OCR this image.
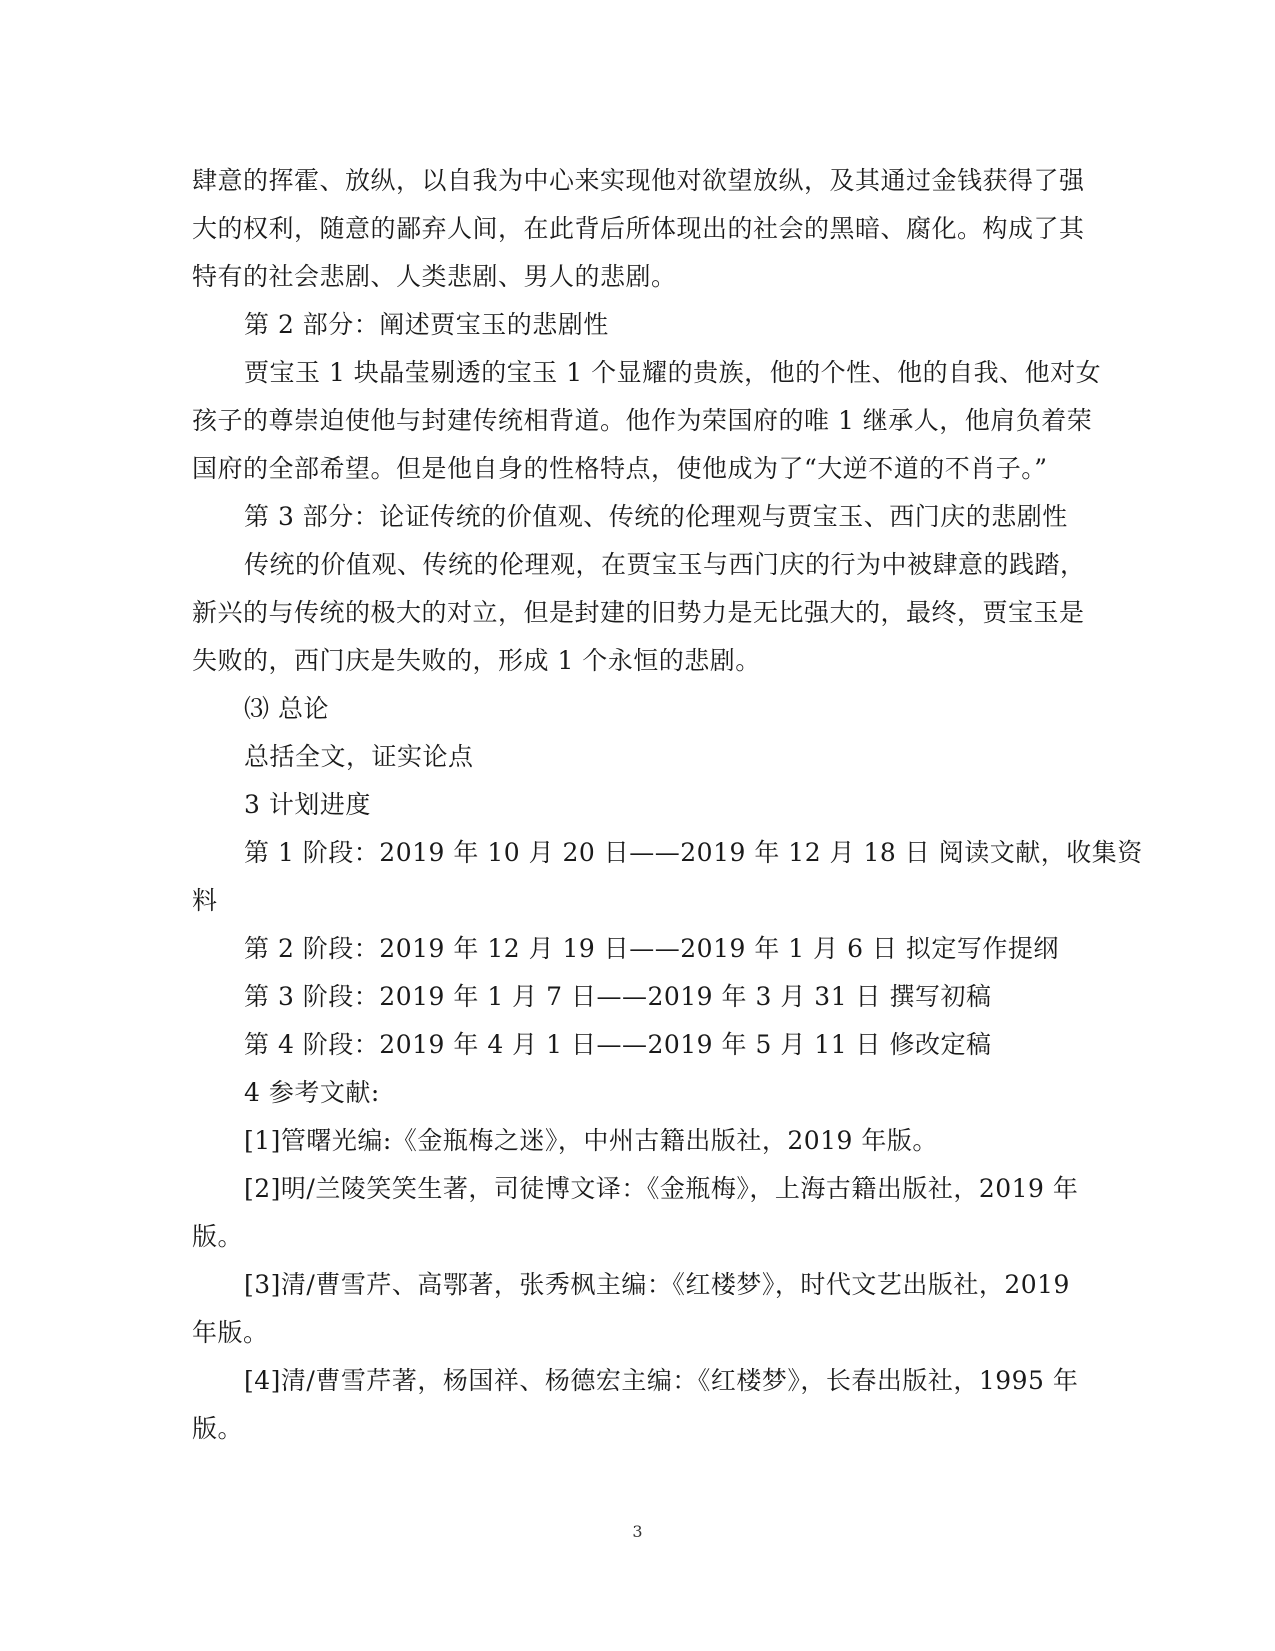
肆意的挥霍、放纵，以自我为中心来实现他对欲望放纵，及其通过金钱获得了强
大的权利，随意的鄙弃人间，在此背后所体现出的社会的黑暗、腐化。构成了其
特有的社会悲剧、人类悲剧、男人的悲剧。
第 2 部分：阐述贾宝玉的悲剧性
贾宝玉 1 块晶莹剔透的宝玉 1 个显耀的贵族，他的个性、他的自我、他对女
孩子的尊崇迫使他与封建传统相背道。他作为荣国府的唯 1 继承人，他肩负着荣
国府的全部希望。但是他自身的性格特点，使他成为了“大逆不道的不肖子。”
第 3 部分：论证传统的价值观、传统的伦理观与贾宝玉、西门庆的悲剧性
传统的价值观、传统的伦理观，在贾宝玉与西门庆的行为中被肆意的践踏，
新兴的与传统的极大的对立，但是封建的旧势力是无比强大的，最终，贾宝玉是
失败的，西门庆是失败的，形成 1 个永恒的悲剧。
⑶ 总论
总括全文，证实论点
3 计划进度
第 1 阶段：2019 年 10 月 20 日——2019 年 12 月 18 日 阅读文献，收集资
料
第 2 阶段：2019 年 12 月 19 日——2019 年 1 月 6 日 拟定写作提纲
第 3 阶段：2019 年 1 月 7 日——2019 年 3 月 31 日 撰写初稿
第 4 阶段：2019 年 4 月 1 日——2019 年 5 月 11 日 修改定稿
4 参考文献:
[1]管曙光编:《金瓶梅之迷》，中州古籍出版社，2019 年版。
[2]明/兰陵笑笑生著，司徒博文译：《金瓶梅》，上海古籍出版社，2019 年
版。
[3]清/曹雪芹、高鄂著，张秀枫主编：《红楼梦》，时代文艺出版社，2019
年版。
[4]清/曹雪芹著，杨国祥、杨德宏主编：《红楼梦》，长春出版社，1995 年
版。
3
